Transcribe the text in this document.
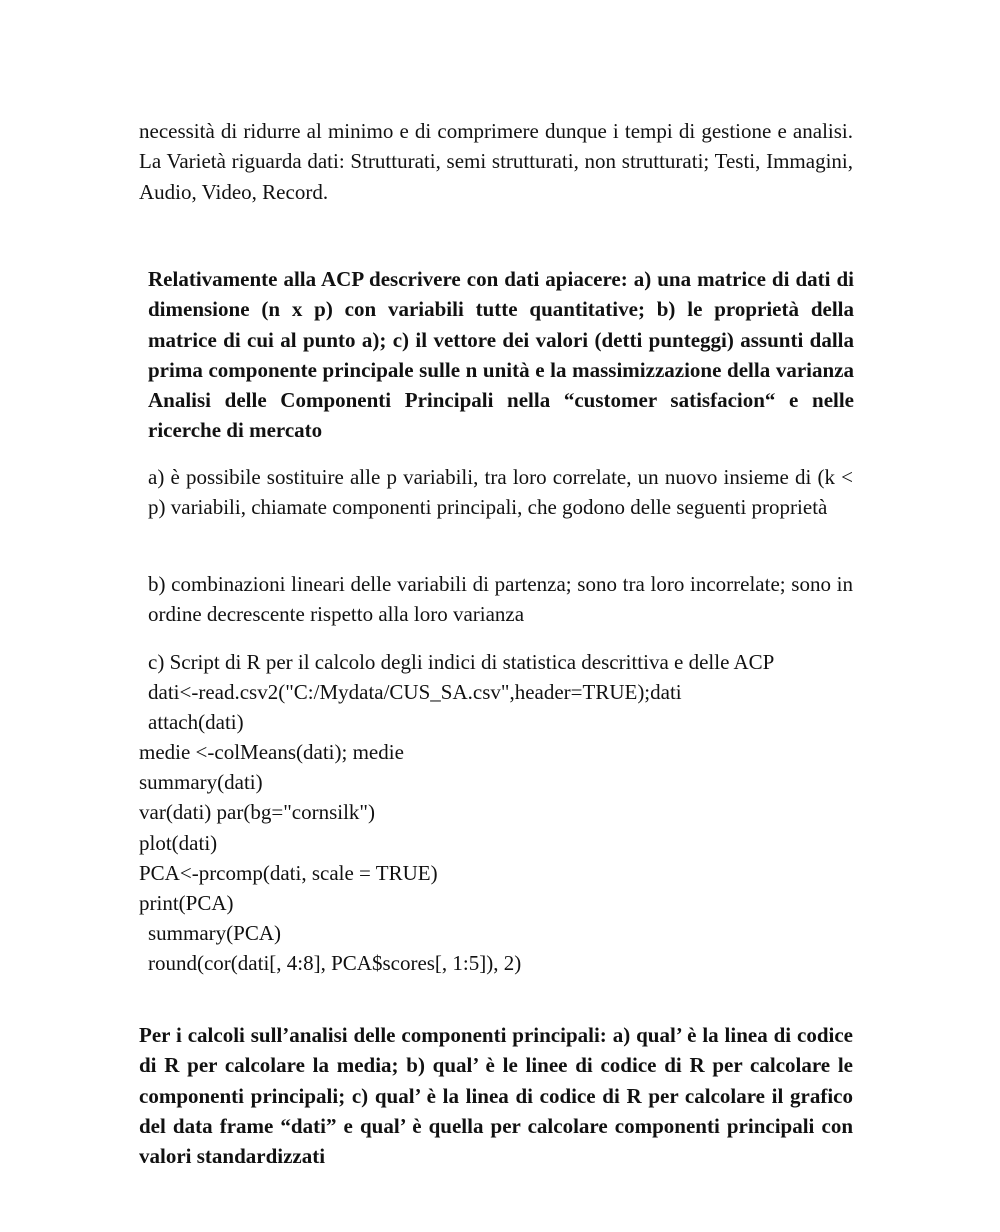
necessità di ridurre al minimo e di comprimere dunque i tempi di gestione e analisi. La Varietà riguarda dati: Strutturati, semi strutturati, non strutturati; Testi, Immagini, Audio, Video, Record.

Relativamente alla ACP descrivere con dati apiacere: a) una matrice di dati di dimensione (n x p) con variabili tutte quantitative; b) le proprietà della matrice di cui al punto a); c) il vettore dei valori (detti punteggi) assunti dalla prima componente principale sulle n unità e la massimizzazione della varianza Analisi delle Componenti Principali nella “customer satisfacion“ e nelle ricerche di mercato

a) è possibile sostituire alle p variabili, tra loro correlate, un nuovo insieme di (k < p) variabili, chiamate componenti principali, che godono delle seguenti proprietà

b) combinazioni lineari delle variabili di partenza; sono tra loro incorrelate; sono in ordine decrescente rispetto alla loro varianza

c) Script di R per il calcolo degli indici di statistica descrittiva e delle ACP

dati<-read.csv2("C:/Mydata/CUS_SA.csv",header=TRUE);dati

attach(dati)

medie <-colMeans(dati); medie

summary(dati)

var(dati) par(bg="cornsilk")

plot(dati)

PCA<-prcomp(dati, scale = TRUE)

print(PCA)

summary(PCA)

round(cor(dati[, 4:8], PCA$scores[, 1:5]), 2)

Per i calcoli sull’analisi delle componenti principali: a) qual’ è la linea di codice di R per calcolare la media; b) qual’ è le linee di codice di R per calcolare le componenti principali; c) qual’ è la linea di codice di R per calcolare il grafico del data frame “dati” e qual’ è quella per calcolare componenti principali con valori standardizzati
